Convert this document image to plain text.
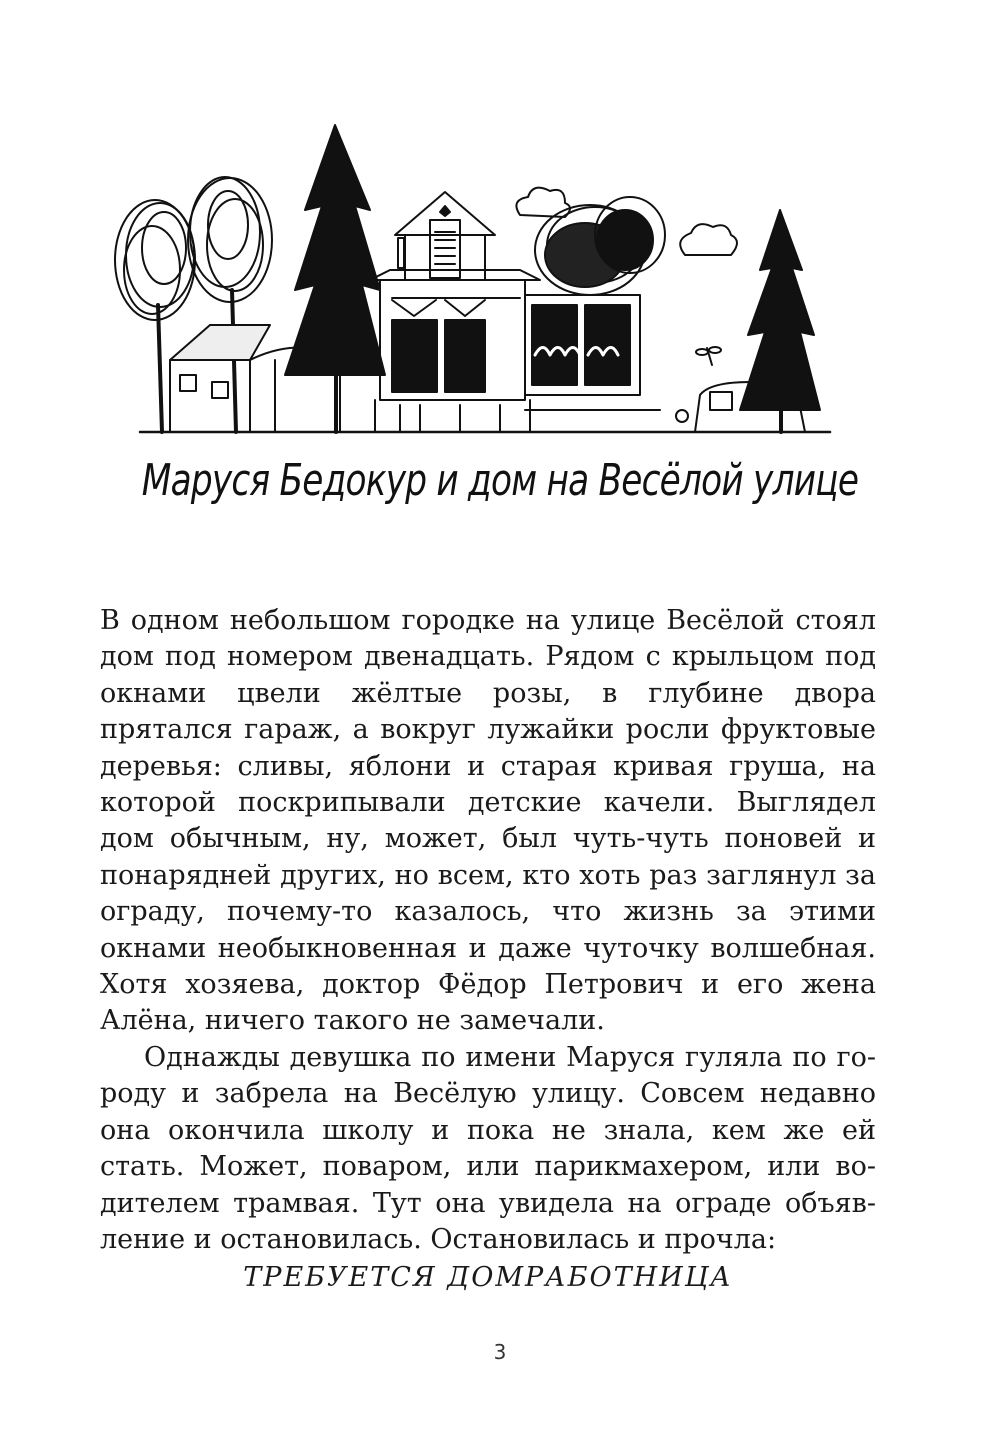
Маруся Бедокур и дом на Весёлой улице

В одном небольшом городке на улице Весёлой стоял дом под номером двенадцать. Рядом с крыльцом под окнами цвели жёлтые розы, в глубине двора прятался гараж, а вокруг лужайки росли фруктовые деревья: сливы, яблони и старая кривая груша, на которой поскрипывали детские качели. Выглядел дом обычным, ну, может, был чуть-чуть поновей и понарядней других, но всем, кто хоть раз заглянул за ограду, почему-то казалось, что жизнь за этими окнами необыкновенная и даже чуточку волшебная. Хотя хозяева, доктор Фёдор Петрович и его жена Алёна, ничего такого не замечали.

Однажды девушка по имени Маруся гуляла по городу и забрела на Весёлую улицу. Совсем недавно она окончила школу и пока не знала, кем же ей стать. Может, поваром, или парикмахером, или водителем трамвая. Тут она увидела на ограде объявление и остановилась. Остановилась и прочла:

ТРЕБУЕТСЯ ДОМРАБОТНИЦА
3
